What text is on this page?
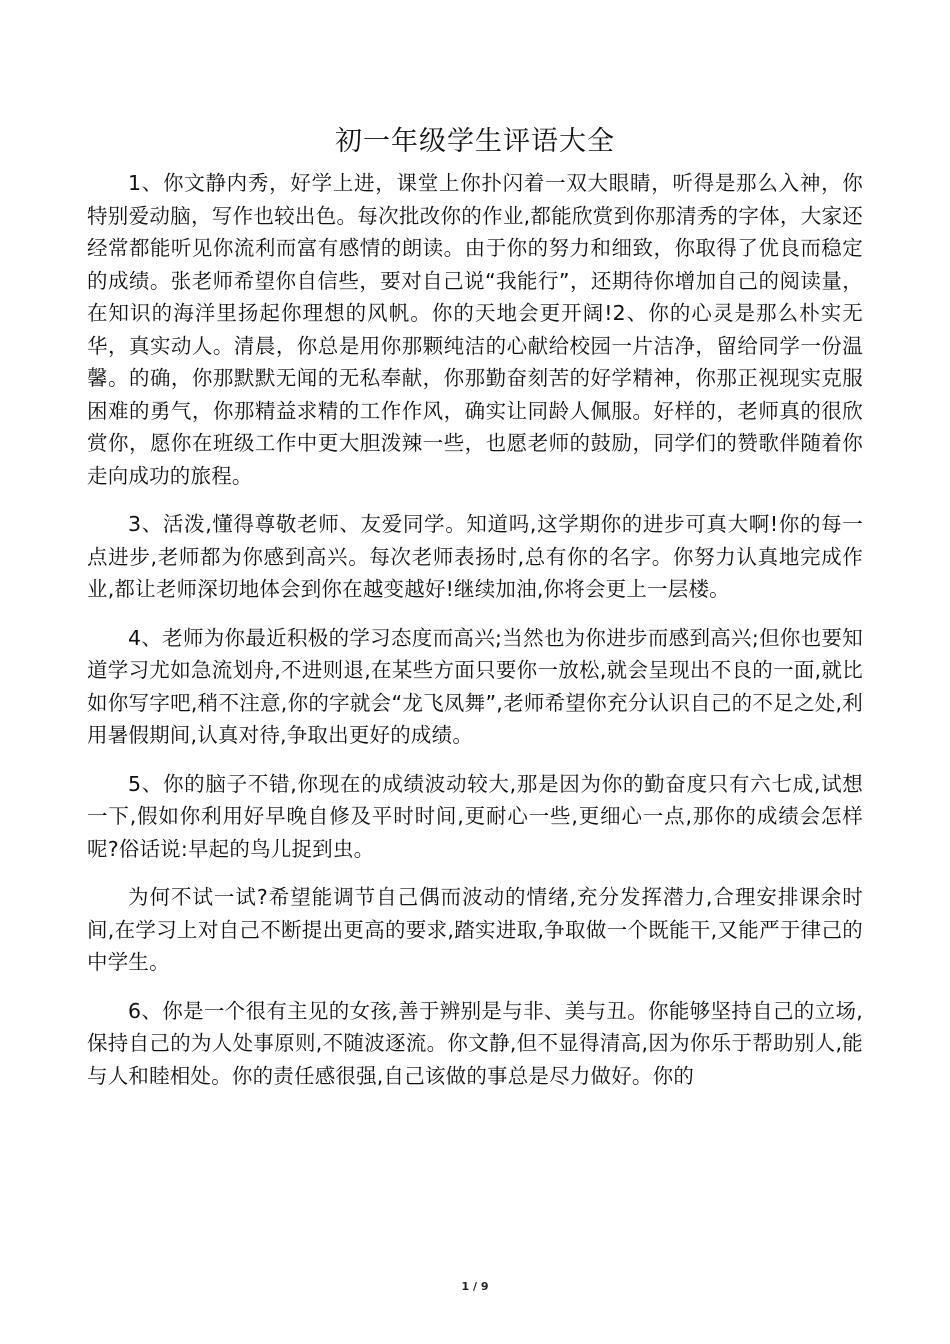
初一年级学生评语大全

1、你文静内秀，好学上进，课堂上你扑闪着一双大眼睛，听得是那么入神，你特别爱动脑，写作也较出色。每次批改你的作业,都能欣赏到你那清秀的字体，大家还经常都能听见你流利而富有感情的朗读。由于你的努力和细致，你取得了优良而稳定的成绩。张老师希望你自信些，要对自己说“我能行”，还期待你增加自己的阅读量，在知识的海洋里扬起你理想的风帆。你的天地会更开阔!2、你的心灵是那么朴实无华，真实动人。清晨，你总是用你那颗纯洁的心献给校园一片洁净，留给同学一份温馨。的确，你那默默无闻的无私奉献，你那勤奋刻苦的好学精神，你那正视现实克服困难的勇气，你那精益求精的工作作风，确实让同龄人佩服。好样的，老师真的很欣赏你，愿你在班级工作中更大胆泼辣一些，也愿老师的鼓励，同学们的赞歌伴随着你走向成功的旅程。

3、活泼,懂得尊敬老师、友爱同学。知道吗,这学期你的进步可真大啊!你的每一点进步,老师都为你感到高兴。每次老师表扬时,总有你的名字。你努力认真地完成作业,都让老师深切地体会到你在越变越好!继续加油,你将会更上一层楼。

4、老师为你最近积极的学习态度而高兴;当然也为你进步而感到高兴;但你也要知道学习尤如急流划舟,不进则退,在某些方面只要你一放松,就会呈现出不良的一面,就比如你写字吧,稍不注意,你的字就会“龙飞凤舞”,老师希望你充分认识自己的不足之处,利用暑假期间,认真对待,争取出更好的成绩。

5、你的脑子不错,你现在的成绩波动较大,那是因为你的勤奋度只有六七成,试想一下,假如你利用好早晚自修及平时时间,更耐心一些,更细心一点,那你的成绩会怎样呢?俗话说:早起的鸟儿捉到虫。

为何不试一试?希望能调节自己偶而波动的情绪,充分发挥潜力,合理安排课余时间,在学习上对自己不断提出更高的要求,踏实进取,争取做一个既能干,又能严于律己的中学生。

6、你是一个很有主见的女孩,善于辨别是与非、美与丑。你能够坚持自己的立场,保持自己的为人处事原则,不随波逐流。你文静,但不显得清高,因为你乐于帮助别人,能与人和睦相处。你的责任感很强,自己该做的事总是尽力做好。你的

1 / 9
